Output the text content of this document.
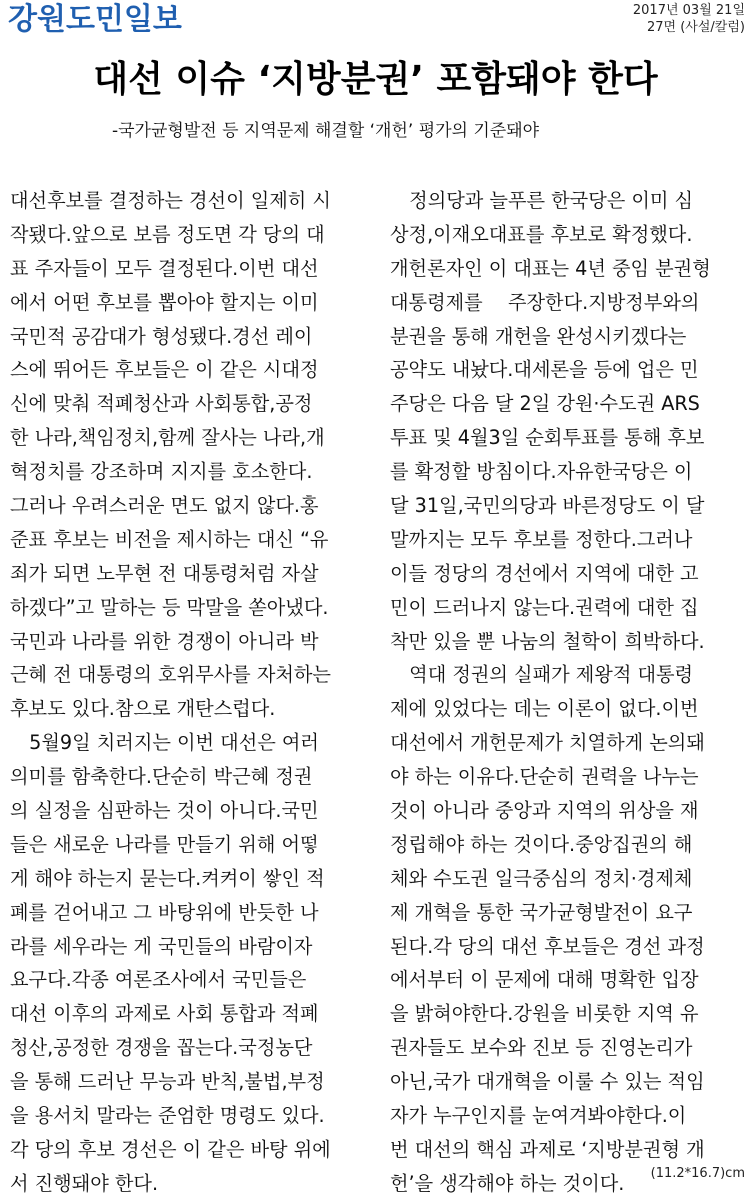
강원도민일보	2017년 03월 21일
27면 (사설/칼럼)
대선 이슈 ‘지방분권’ 포함돼야 한다
-국가균형발전 등 지역문제 해결할 ‘개헌’ 평가의 기준돼야
대선후보를 결정하는 경선이 일제히 시
작됐다.앞으로 보름 정도면 각 당의 대
표 주자들이 모두 결정된다.이번 대선
에서 어떤 후보를 뽑아야 할지는 이미
국민적 공감대가 형성됐다.경선 레이
스에 뛰어든 후보들은 이 같은 시대정
신에 맞춰 적폐청산과 사회통합,공정
한 나라,책임정치,함께 잘사는 나라,개
혁정치를 강조하며 지지를 호소한다.
그러나 우려스러운 면도 없지 않다.홍
준표 후보는 비전을 제시하는 대신 “유
죄가 되면 노무현 전 대통령처럼 자살
하겠다”고 말하는 등 막말을 쏟아냈다.
국민과 나라를 위한 경쟁이 아니라 박
근혜 전 대통령의 호위무사를 자처하는
후보도 있다.참으로 개탄스럽다.
　5월9일 치러지는 이번 대선은 여러
의미를 함축한다.단순히 박근혜 정권
의 실정을 심판하는 것이 아니다.국민
들은 새로운 나라를 만들기 위해 어떻
게 해야 하는지 묻는다.켜켜이 쌓인 적
폐를 걷어내고 그 바탕위에 반듯한 나
라를 세우라는 게 국민들의 바람이자
요구다.각종 여론조사에서 국민들은
대선 이후의 과제로 사회 통합과 적폐
청산,공정한 경쟁을 꼽는다.국정농단
을 통해 드러난 무능과 반칙,불법,부정
을 용서치 말라는 준엄한 명령도 있다.
각 당의 후보 경선은 이 같은 바탕 위에
서 진행돼야 한다.
　정의당과 늘푸른 한국당은 이미 심
상정,이재오대표를 후보로 확정했다.
개헌론자인 이 대표는 4년 중임 분권형
대통령제를 　주장한다.지방정부와의
분권을 통해 개헌을 완성시키겠다는
공약도 내놨다.대세론을 등에 업은 민
주당은 다음 달 2일 강원·수도권 ARS
투표 및 4월3일 순회투표를 통해 후보
를 확정할 방침이다.자유한국당은 이
달 31일,국민의당과 바른정당도 이 달
말까지는 모두 후보를 정한다.그러나
이들 정당의 경선에서 지역에 대한 고
민이 드러나지 않는다.권력에 대한 집
착만 있을 뿐 나눔의 철학이 희박하다.
　역대 정권의 실패가 제왕적 대통령
제에 있었다는 데는 이론이 없다.이번
대선에서 개헌문제가 치열하게 논의돼
야 하는 이유다.단순히 권력을 나누는
것이 아니라 중앙과 지역의 위상을 재
정립해야 하는 것이다.중앙집권의 해
체와 수도권 일극중심의 정치·경제체
제 개혁을 통한 국가균형발전이 요구
된다.각 당의 대선 후보들은 경선 과정
에서부터 이 문제에 대해 명확한 입장
을 밝혀야한다.강원을 비롯한 지역 유
권자들도 보수와 진보 등 진영논리가
아닌,국가 대개혁을 이룰 수 있는 적임
자가 누구인지를 눈여겨봐야한다.이
번 대선의 핵심 과제로 ‘지방분권형 개
헌’을 생각해야 하는 것이다.	(11.2*16.7)cm
